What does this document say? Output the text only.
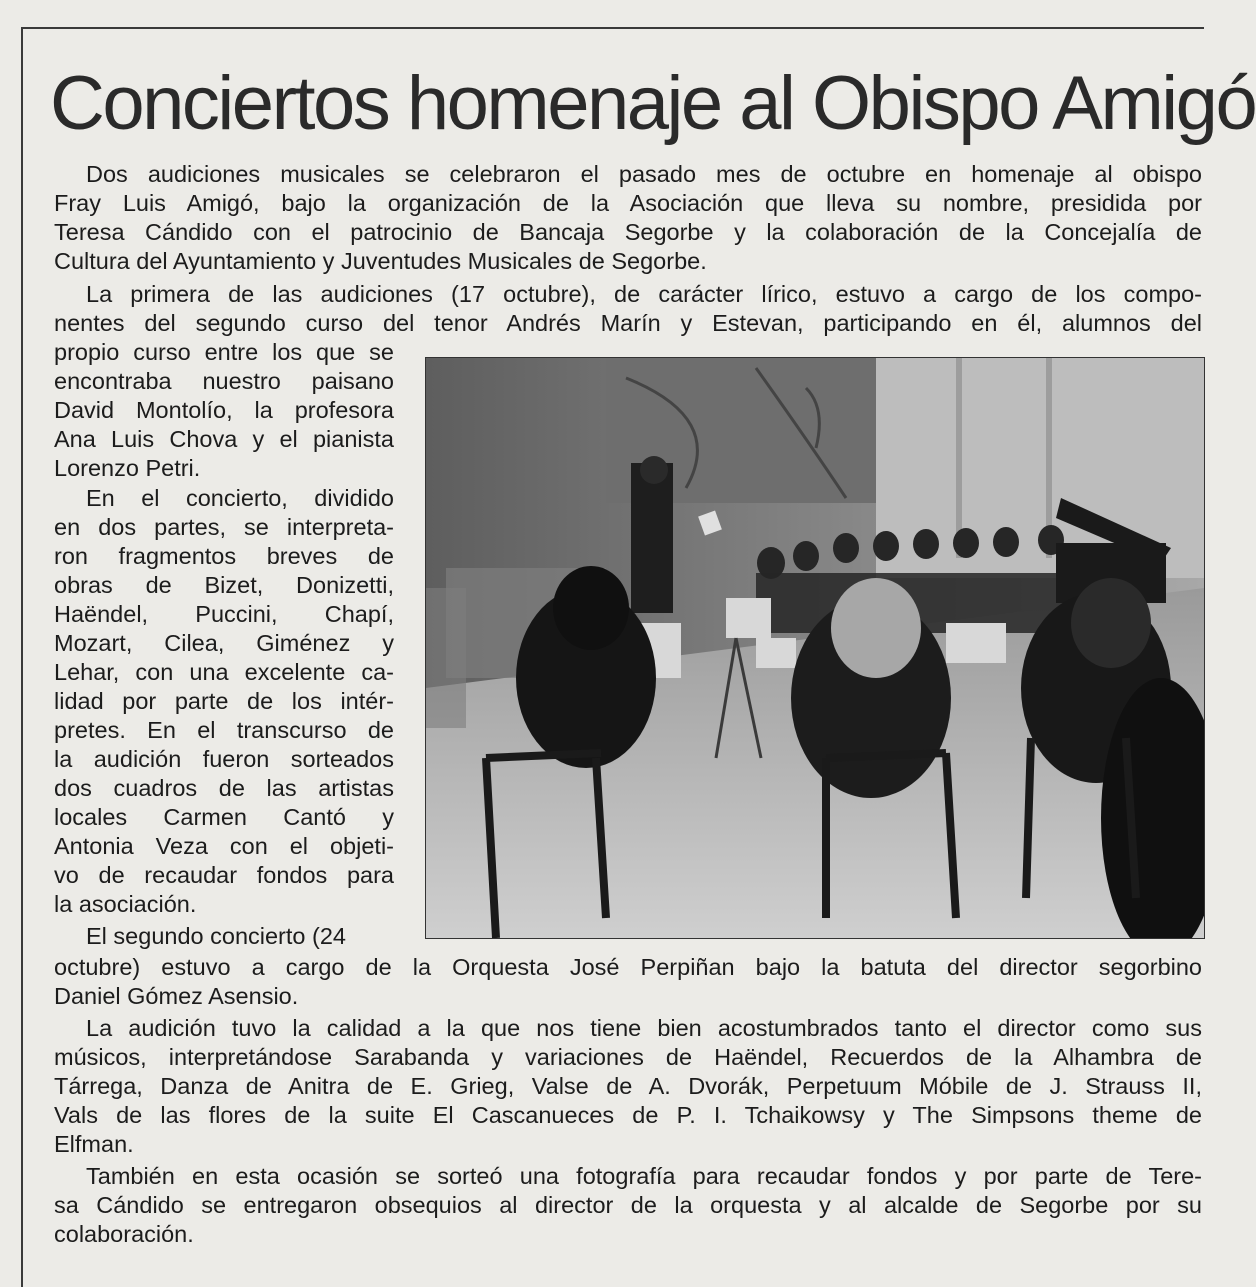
Conciertos homenaje al Obispo Amigó

Dos audiciones musicales se celebraron el pasado mes de octubre en homenaje al obispo

Fray Luis Amigó, bajo la organización de la Asociación que lleva su nombre, presidida por

Teresa Cándido con el patrocinio de Bancaja Segorbe y la colaboración de la Concejalía de

Cultura del Ayuntamiento y Juventudes Musicales de Segorbe.

La primera de las audiciones (17 octubre), de carácter lírico, estuvo a cargo de los compo-

nentes del segundo curso del tenor Andrés Marín y Estevan, participando en él, alumnos del

propio curso entre los que se

encontraba nuestro paisano

David Montolío, la profesora

Ana Luis Chova y el pianista

Lorenzo Petri.

En el concierto, dividido

en dos partes, se interpreta-

ron fragmentos breves de

obras de Bizet, Donizetti,

Haëndel, Puccini, Chapí,

Mozart, Cilea, Giménez y

Lehar, con una excelente ca-

lidad por parte de los intér-

pretes. En el transcurso de

la audición fueron sorteados

dos cuadros de las artistas

locales Carmen Cantó y

Antonia Veza con el objeti-

vo de recaudar fondos para

la asociación.

El segundo concierto (24

octubre) estuvo a cargo de la Orquesta José Perpiñan bajo la batuta del director segorbino

Daniel Gómez Asensio.

La audición tuvo la calidad a la que nos tiene bien acostumbrados tanto el director como sus

músicos, interpretándose Sarabanda y variaciones de Haëndel, Recuerdos de la Alhambra de

Tárrega, Danza de Anitra de E. Grieg, Valse de A. Dvorák, Perpetuum Móbile de J. Strauss II,

Vals de las flores de la suite El Cascanueces de P. I. Tchaikowsy y The Simpsons theme de

Elfman.

También en esta ocasión se sorteó una fotografía para recaudar fondos y por parte de Tere-

sa Cándido se entregaron obsequios al director de la orquesta y al alcalde de Segorbe por su

colaboración.
